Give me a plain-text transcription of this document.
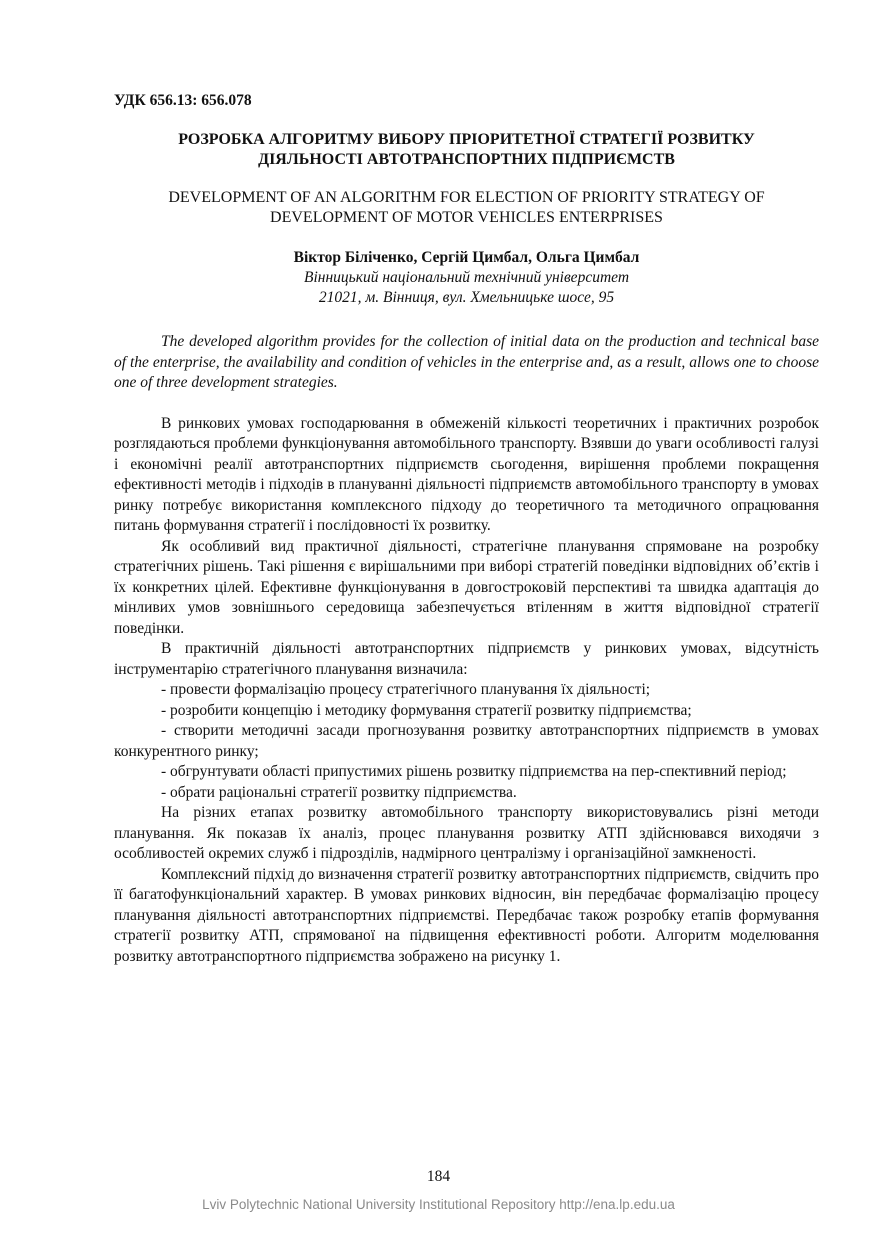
УДК 656.13: 656.078

РОЗРОБКА АЛГОРИТМУ ВИБОРУ ПРІОРИТЕТНОЇ СТРАТЕГІЇ РОЗВИТКУ
ДІЯЛЬНОСТІ АВТОТРАНСПОРТНИХ ПІДПРИЄМСТВ
DEVELOPMENT OF AN ALGORITHM FOR ELECTION OF PRIORITY STRATEGY OF
DEVELOPMENT OF MOTOR VEHICLES ENTERPRISES

Віктор Біліченко, Сергій Цимбал, Ольга Цимбал

Вінницький національний технічний університет

21021, м. Вінниця, вул. Хмельницьке шосе, 95

The developed algorithm provides for the collection of initial data on the production and technical base of the enterprise, the availability and condition of vehicles in the enterprise and, as a result, allows one to choose one of three development strategies.

В ринкових умовах господарювання в обмеженій кількості теоретичних і практичних розробок розглядаються проблеми функціонування автомобільного транспорту. Взявши до уваги особливості галузі і економічні реалії автотранспортних підприємств сьогодення, вирішення проблеми покращення ефективності методів і підходів в плануванні діяльності підприємств автомобільного транспорту в умовах ринку потребує використання комплексного підходу до теоретичного та методичного опрацювання питань формування стратегії і послідовності їх розвитку.

Як особливий вид практичної діяльності, стратегічне планування спрямоване на розробку стратегічних рішень. Такі рішення є вирішальними при виборі стратегій поведінки відповідних об’єктів і їх конкретних цілей. Ефективне функціонування в довгостроковій перспективі та швидка адаптація до мінливих умов зовнішнього середовища забезпечується втіленням в життя відповідної стратегії поведінки.

В практичній діяльності автотранспортних підприємств у ринкових умовах, відсутність інструментарію стратегічного планування визначила:

- провести формалізацію процесу стратегічного планування їх діяльності;

- розробити концепцію і методику формування стратегії розвитку підприємства;

- створити методичні засади прогнозування розвитку автотранспортних підприємств в умовах конкурентного ринку;

- обгрунтувати області припустимих рішень розвитку підприємства на пер-спективний період;

- обрати раціональні стратегії розвитку підприємства.

На різних етапах розвитку автомобільного транспорту використовувались різні методи планування. Як показав їх аналіз, процес планування розвитку АТП здійснювався виходячи з особливостей окремих служб і підрозділів, надмірного централізму і організаційної замкненості.

Комплексний підхід до визначення стратегії розвитку автотранспортних підприємств, свідчить про її багатофункціональний характер. В умовах ринкових відносин, він передбачає формалізацію процесу планування діяльності автотранспортних підприємстві. Передбачає також розробку етапів формування стратегії розвитку АТП, спрямованої на підвищення ефективності роботи. Алгоритм моделювання розвитку автотранспортного підприємства зображено на рисунку 1.

184
Lviv Polytechnic National University Institutional Repository http://ena.lp.edu.ua
